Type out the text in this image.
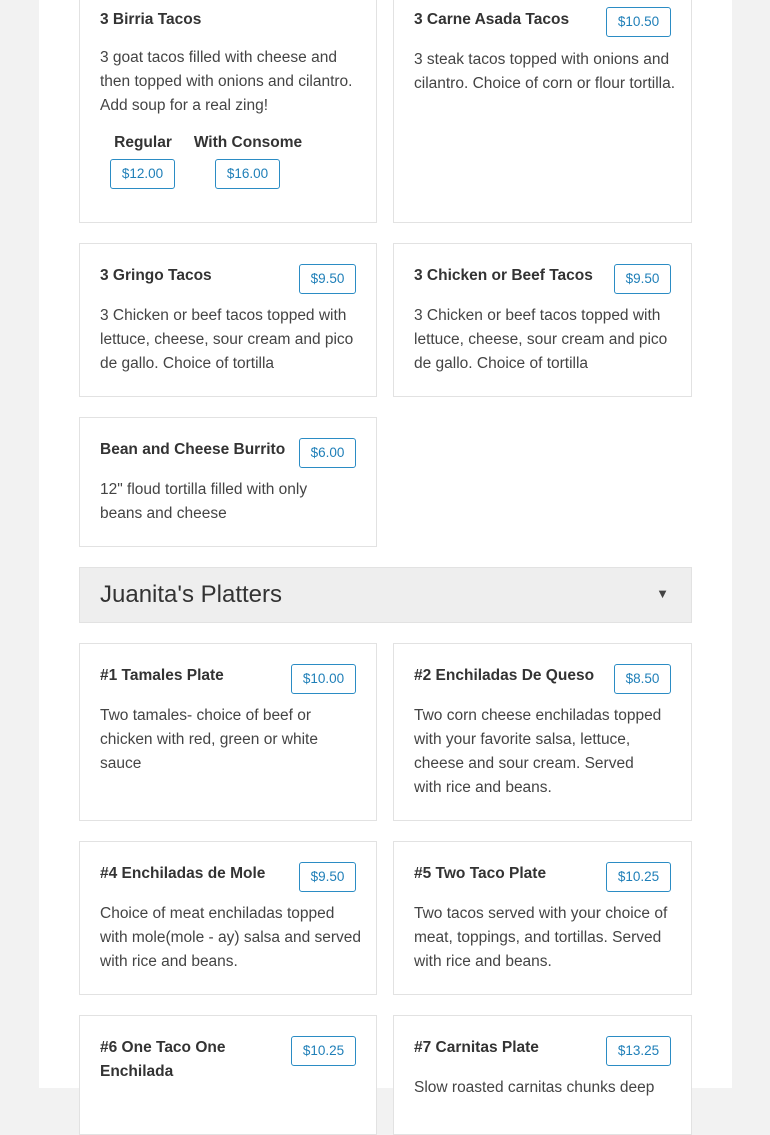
3 Birria Tacos
3 goat tacos filled with cheese and then topped with onions and cilantro. Add soup for a real zing!
Regular With Consome
$12.00	$16.00
3 Carne Asada Tacos	$10.50
3 steak tacos topped with onions and cilantro. Choice of corn or flour tortilla.
3 Gringo Tacos	$9.50
3 Chicken or beef tacos topped with lettuce, cheese, sour cream and pico de gallo. Choice of tortilla
3 Chicken or Beef Tacos	$9.50
3 Chicken or beef tacos topped with lettuce, cheese, sour cream and pico de gallo. Choice of tortilla
Bean and Cheese Burrito	$6.00
12" floud tortilla filled with only beans and cheese
Juanita's Platters	▼
#1 Tamales Plate	$10.00
Two tamales- choice of beef or chicken with red, green or white sauce
#2 Enchiladas De Queso	$8.50
Two corn cheese enchiladas topped with your favorite salsa, lettuce, cheese and sour cream. Served with rice and beans.
#4 Enchiladas de Mole	$9.50
Choice of meat enchiladas topped with mole(mole - ay) salsa and served with rice and beans.
#5 Two Taco Plate	$10.25
Two tacos served with your choice of meat, toppings, and tortillas. Served with rice and beans.
#6 One Taco One Enchilada
$10.25	#7 Carnitas Plate	$13.25
Slow roasted carnitas chunks deep
